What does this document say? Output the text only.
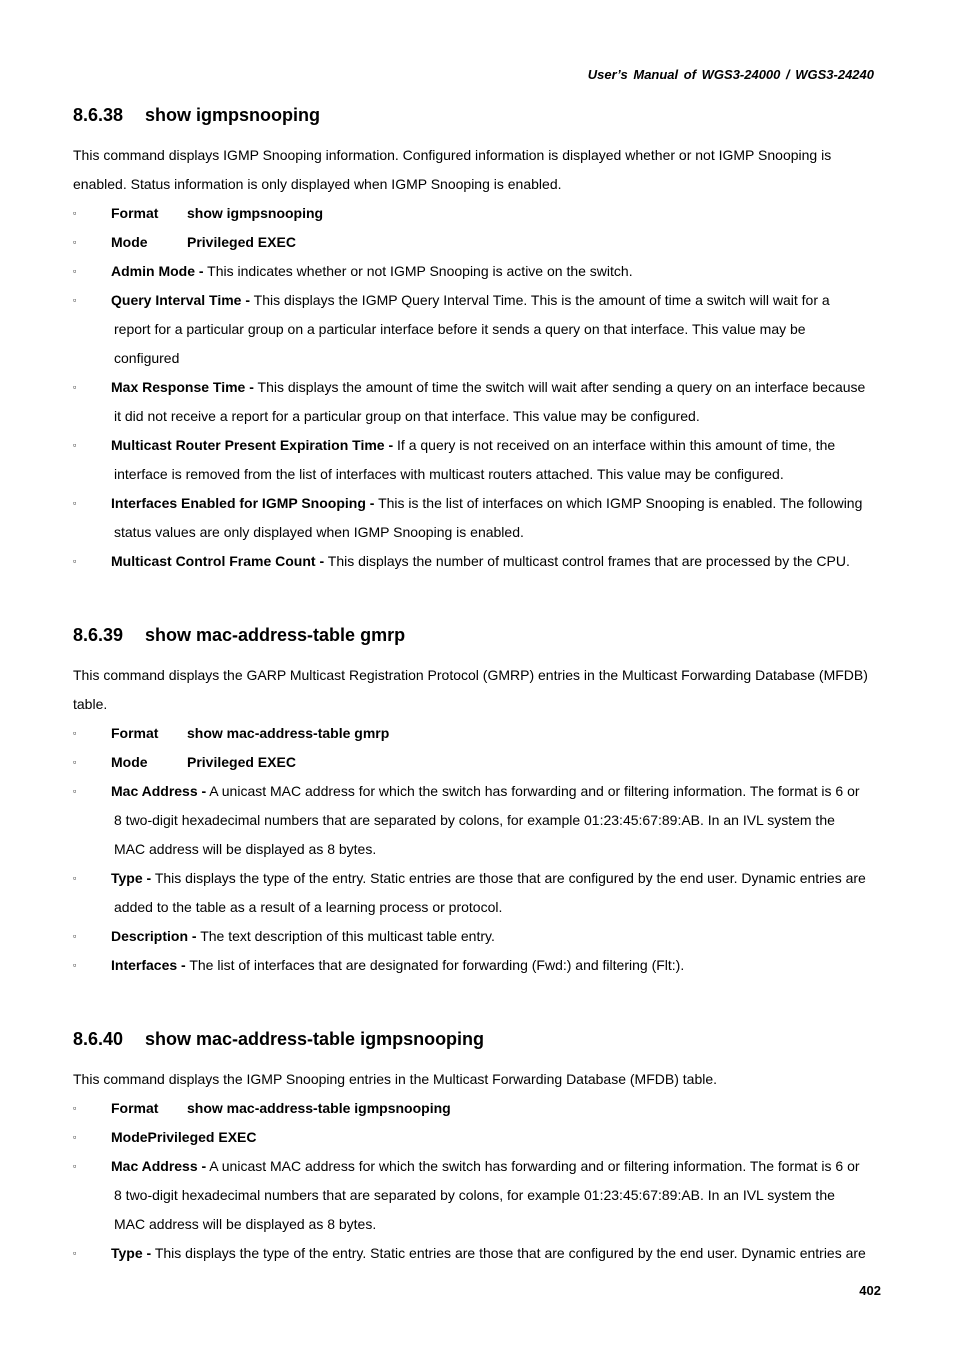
User’s Manual of WGS3-24000 / WGS3-24240
8.6.38 show igmpsnooping
This command displays IGMP Snooping information. Configured information is displayed whether or not IGMP Snooping is
enabled. Status information is only displayed when IGMP Snooping is enabled.
▫	Format show igmpsnooping
▫	Mode	Privileged EXEC
▫	Admin Mode - This indicates whether or not IGMP Snooping is active on the switch.
▫	Query Interval Time - This displays the IGMP Query Interval Time. This is the amount of time a switch will wait for a
report for a particular group on a particular interface before it sends a query on that interface. This value may be
configured
▫	Max Response Time - This displays the amount of time the switch will wait after sending a query on an interface because
it did not receive a report for a particular group on that interface. This value may be configured.
▫	Multicast Router Present Expiration Time - If a query is not received on an interface within this amount of time, the
interface is removed from the list of interfaces with multicast routers attached. This value may be configured.
▫	Interfaces Enabled for IGMP Snooping - This is the list of interfaces on which IGMP Snooping is enabled. The following
status values are only displayed when IGMP Snooping is enabled.
▫	Multicast Control Frame Count - This displays the number of multicast control frames that are processed by the CPU.
8.6.39 show mac-address-table gmrp
This command displays the GARP Multicast Registration Protocol (GMRP) entries in the Multicast Forwarding Database (MFDB)
table.
▫	Format show mac-address-table gmrp
▫	Mode	Privileged EXEC
▫	Mac Address - A unicast MAC address for which the switch has forwarding and or filtering information. The format is 6 or
8 two-digit hexadecimal numbers that are separated by colons, for example 01:23:45:67:89:AB. In an IVL system the
MAC address will be displayed as 8 bytes.
▫	Type - This displays the type of the entry. Static entries are those that are configured by the end user. Dynamic entries are
added to the table as a result of a learning process or protocol.
▫	Description - The text description of this multicast table entry.
▫	Interfaces - The list of interfaces that are designated for forwarding (Fwd:) and filtering (Flt:).
8.6.40 show mac-address-table igmpsnooping
This command displays the IGMP Snooping entries in the Multicast Forwarding Database (MFDB) table.
▫	Format show mac-address-table igmpsnooping
▫	ModePrivileged EXEC
▫	Mac Address - A unicast MAC address for which the switch has forwarding and or filtering information. The format is 6 or
8 two-digit hexadecimal numbers that are separated by colons, for example 01:23:45:67:89:AB. In an IVL system the
MAC address will be displayed as 8 bytes.
▫	Type - This displays the type of the entry. Static entries are those that are configured by the end user. Dynamic entries are
402
